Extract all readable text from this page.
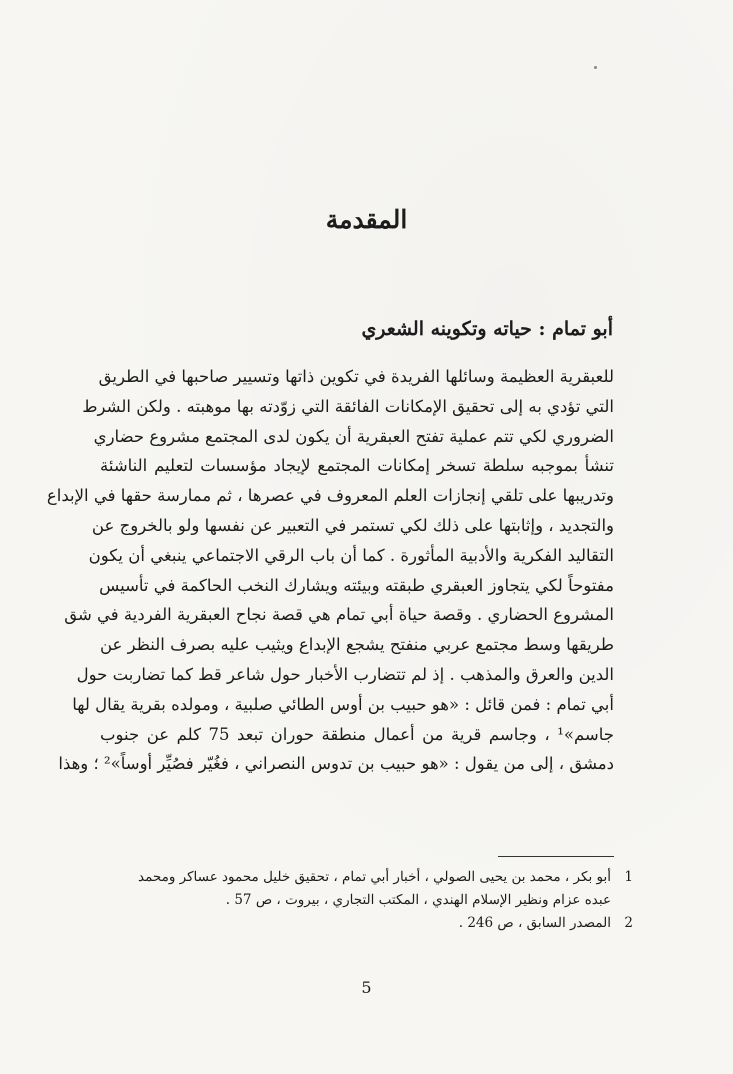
المقدمة
أبو تمام : حياته وتكوينه الشعري
للعبقرية العظيمة وسائلها الفريدة في تكوين ذاتها وتسيير صاحبها في الطريق
التي تؤدي به إلى تحقيق الإمكانات الفائقة التي زوّدته بها موهبته . ولكن الشرط
الضروري لكي تتم عملية تفتح العبقرية أن يكون لدى المجتمع مشروع حضاري
تنشأ بموجبه سلطة تسخر إمكانات المجتمع لإيجاد مؤسسات لتعليم الناشئة
وتدريبها على تلقي إنجازات العلم المعروف في عصرها ، ثم ممارسة حقها في الإبداع
والتجديد ، وإثابتها على ذلك لكي تستمر في التعبير عن نفسها ولو بالخروج عن
التقاليد الفكرية والأدبية المأثورة . كما أن باب الرقي الاجتماعي ينبغي أن يكون
مفتوحاً لكي يتجاوز العبقري طبقته وبيئته ويشارك النخب الحاكمة في تأسيس
المشروع الحضاري . وقصة حياة أبي تمام هي قصة نجاح العبقرية الفردية في شق
طريقها وسط مجتمع عربي منفتح يشجع الإبداع ويثيب عليه بصرف النظر عن
الدين والعرق والمذهب . إذ لم تتضارب الأخبار حول شاعر قط كما تضاربت حول
أبي تمام : فمن قائل : «هو حبيب بن أوس الطائي صلبية ، ومولده بقرية يقال لها
جاسم»¹ ، وجاسم قرية من أعمال منطقة حوران تبعد 75 كلم عن جنوب
دمشق ، إلى من يقول : «هو حبيب بن تدوس النصراني ، فغُيّر فصُيِّر أوساً»² ؛ وهذا
1
أبو بكر ، محمد بن يحيى الصولي ، أخبار أبي تمام ، تحقيق خليل محمود عساكر ومحمد
عبده عزام ونظير الإسلام الهندي ، المكتب التجاري ، بيروت ، ص 57 .
2
المصدر السابق ، ص 246 .
5
